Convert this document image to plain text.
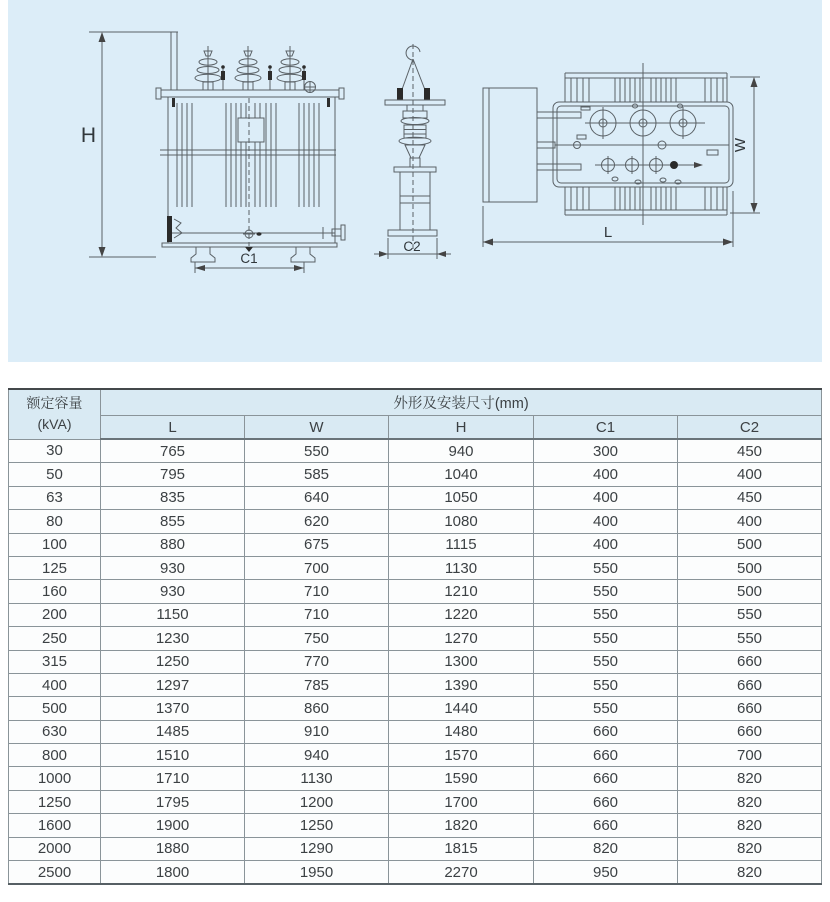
H
C1
C2
L
W
额定容量
(kVA)	外形及安装尺寸(mm)				
	L	W	H	C1	C2
30	765	550	940	300	450
50	795	585	1040	400	400
63	835	640	1050	400	450
80	855	620	1080	400	400
100	880	675	1115	400	500
125	930	700	1130	550	500
160	930	710	1210	550	500
200	1150	710	1220	550	550
250	1230	750	1270	550	550
315	1250	770	1300	550	660
400	1297	785	1390	550	660
500	1370	860	1440	550	660
630	1485	910	1480	660	660
800	1510	940	1570	660	700
1000	1710	1130	1590	660	820
1250	1795	1200	1700	660	820
1600	1900	1250	1820	660	820
2000	1880	1290	1815	820	820
2500	1800	1950	2270	950	820
